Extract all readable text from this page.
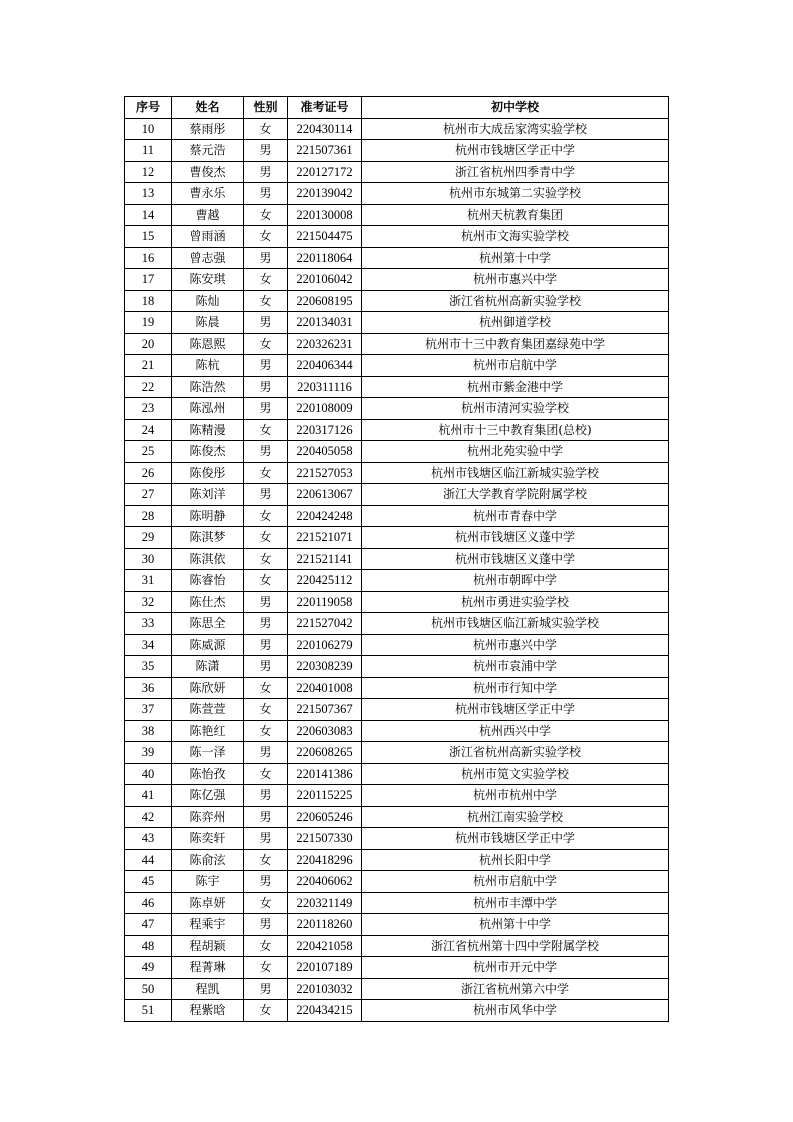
序号	姓名	性别	准考证号	初中学校
10	蔡雨彤	女	220430114	杭州市大成岳家湾实验学校
11	蔡元浩	男	221507361	杭州市钱塘区学正中学
12	曹俊杰	男	220127172	浙江省杭州四季青中学
13	曹永乐	男	220139042	杭州市东城第二实验学校
14	曹越	女	220130008	杭州天杭教育集团
15	曾雨涵	女	221504475	杭州市文海实验学校
16	曾志强	男	220118064	杭州第十中学
17	陈安琪	女	220106042	杭州市惠兴中学
18	陈灿	女	220608195	浙江省杭州高新实验学校
19	陈晨	男	220134031	杭州御道学校
20	陈恩熙	女	220326231	杭州市十三中教育集团嘉绿苑中学
21	陈杭	男	220406344	杭州市启航中学
22	陈浩然	男	220311116	杭州市紫金港中学
23	陈泓州	男	220108009	杭州市清河实验学校
24	陈精漫	女	220317126	杭州市十三中教育集团(总校)
25	陈俊杰	男	220405058	杭州北苑实验中学
26	陈俊彤	女	221527053	杭州市钱塘区临江新城实验学校
27	陈刘洋	男	220613067	浙江大学教育学院附属学校
28	陈明静	女	220424248	杭州市青春中学
29	陈淇梦	女	221521071	杭州市钱塘区义蓬中学
30	陈淇依	女	221521141	杭州市钱塘区义蓬中学
31	陈睿怡	女	220425112	杭州市朝晖中学
32	陈仕杰	男	220119058	杭州市勇进实验学校
33	陈思全	男	221527042	杭州市钱塘区临江新城实验学校
34	陈威源	男	220106279	杭州市惠兴中学
35	陈潇	男	220308239	杭州市袁浦中学
36	陈欣妍	女	220401008	杭州市行知中学
37	陈萱萱	女	221507367	杭州市钱塘区学正中学
38	陈艳红	女	220603083	杭州西兴中学
39	陈一泽	男	220608265	浙江省杭州高新实验学校
40	陈怡孜	女	220141386	杭州市笕文实验学校
41	陈亿强	男	220115225	杭州市杭州中学
42	陈弈州	男	220605246	杭州江南实验学校
43	陈奕轩	男	221507330	杭州市钱塘区学正中学
44	陈俞泫	女	220418296	杭州长阳中学
45	陈宇	男	220406062	杭州市启航中学
46	陈卓妍	女	220321149	杭州市丰潭中学
47	程乘宇	男	220118260	杭州第十中学
48	程胡颖	女	220421058	浙江省杭州第十四中学附属学校
49	程菁琳	女	220107189	杭州市开元中学
50	程凯	男	220103032	浙江省杭州第六中学
51	程紫晗	女	220434215	杭州市风华中学
